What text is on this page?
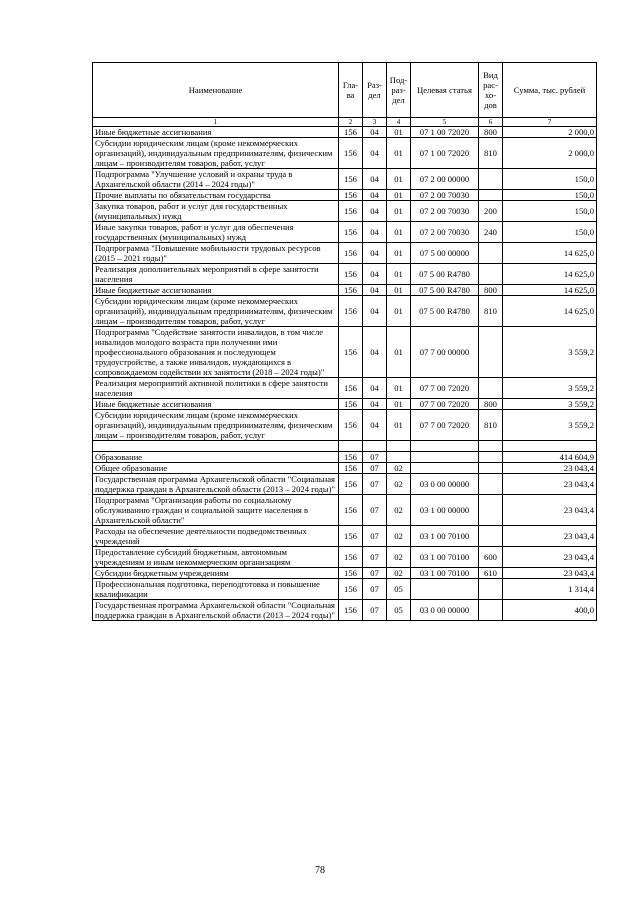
Наименование	Гла-ва	Раз-дел	Под-раз-дел	Целевая статья	Вид рас-хо-дов	Сумма, тыс. рублей
1	2	3	4	5	6	7
Иные бюджетные ассигнования	156	04	01	07 1 00 72020	800	2 000,0
Субсидии юридическим лицам (кроме некоммерческих организаций), индивидуальным предпринимателям, физическим лицам – производителям товаров, работ, услуг	156	04	01	07 1 00 72020	810	2 000,0
Подпрограмма "Улучшение условий и охраны труда в Архангельской области (2014 – 2024 годы)"	156	04	01	07 2 00 00000		150,0
Прочие выплаты по обязательствам государства	156	04	01	07 2 00 70030		150,0
Закупка товаров, работ и услуг для государственных (муниципальных) нужд	156	04	01	07 2 00 70030	200	150,0
Иные закупки товаров, работ и услуг для обеспечения государственных (муниципальных) нужд	156	04	01	07 2 00 70030	240	150,0
Подпрограмма "Повышение мобильности трудовых ресурсов (2015 – 2021 годы)"	156	04	01	07 5 00 00000		14 625,0
Реализация дополнительных мероприятий в сфере занятости населения	156	04	01	07 5 00 R4780		14 625,0
Иные бюджетные ассигнования	156	04	01	07 5 00 R4780	800	14 625,0
Субсидии юридическим лицам (кроме некоммерческих организаций), индивидуальным предпринимателям, физическим лицам – производителям товаров, работ, услуг	156	04	01	07 5 00 R4780	810	14 625,0
Подпрограмма "Содействие занятости инвалидов, в том числе инвалидов молодого возраста при получении ими профессионального образования и последующем трудоустройстве, а также инвалидов, нуждающихся в сопровождаемом содействии их занятости (2018 – 2024 годы)"	156	04	01	07 7 00 00000		3 559,2
Реализация мероприятий активной политики в сфере занятости населения	156	04	01	07 7 00 72020		3 559,2
Иные бюджетные ассигнования	156	04	01	07 7 00 72020	800	3 559,2
Субсидии юридическим лицам (кроме некоммерческих организаций), индивидуальным предпринимателям, физическим лицам – производителям товаров, работ, услуг	156	04	01	07 7 00 72020	810	3 559,2

Образование	156	07				414 604,9
Общее образование	156	07	02			23 043,4
Государственная программа Архангельской области "Социальная поддержка граждан в Архангельской области (2013 – 2024 годы)"	156	07	02	03 0 00 00000		23 043,4
Подпрограмма "Организация работы по социальному обслуживанию граждан и социальной защите населения в Архангельской области"	156	07	02	03 1 00 00000		23 043,4
Расходы на обеспечение деятельности подведомственных учреждений	156	07	02	03 1 00 70100		23 043,4
Предоставление субсидий бюджетным, автономным учреждениям и иным некоммерческим организациям	156	07	02	03 1 00 70100	600	23 043,4
Субсидии бюджетным учреждениям	156	07	02	03 1 00 70100	610	23 043,4
Профессиональная подготовка, переподготовка и повышение квалификации	156	07	05			1 314,4
Государственная программа Архангельской области "Социальная поддержка граждан в Архангельской области (2013 – 2024 годы)"	156	07	05	03 0 00 00000		400,0
78
